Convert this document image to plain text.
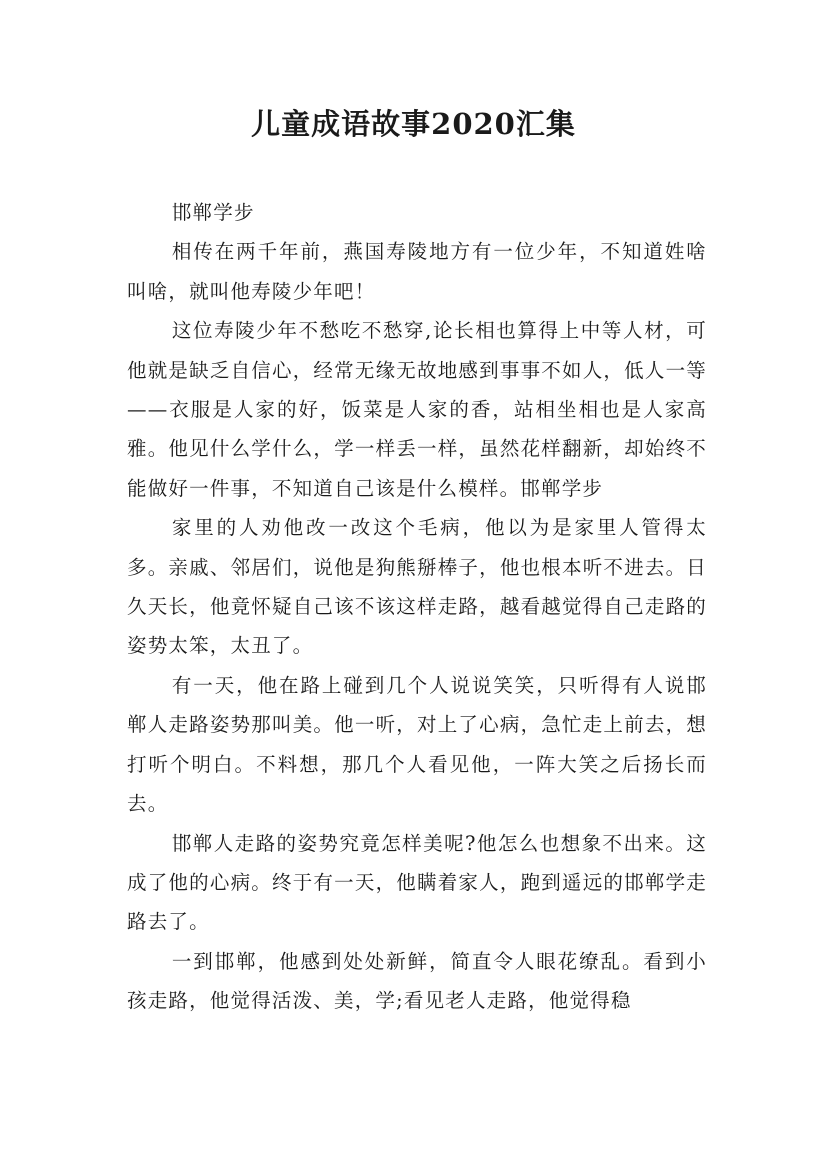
儿童成语故事2020汇集

邯郸学步

相传在两千年前，燕国寿陵地方有一位少年，不知道姓啥叫啥，就叫他寿陵少年吧！

这位寿陵少年不愁吃不愁穿,论长相也算得上中等人材，可他就是缺乏自信心，经常无缘无故地感到事事不如人，低人一等——衣服是人家的好，饭菜是人家的香，站相坐相也是人家高雅。他见什么学什么，学一样丢一样，虽然花样翻新，却始终不能做好一件事，不知道自己该是什么模样。邯郸学步

家里的人劝他改一改这个毛病，他以为是家里人管得太多。亲戚、邻居们，说他是狗熊掰棒子，他也根本听不进去。日久天长，他竟怀疑自己该不该这样走路，越看越觉得自己走路的姿势太笨，太丑了。

有一天，他在路上碰到几个人说说笑笑，只听得有人说邯郸人走路姿势那叫美。他一听，对上了心病，急忙走上前去，想打听个明白。不料想，那几个人看见他，一阵大笑之后扬长而去。

邯郸人走路的姿势究竟怎样美呢?他怎么也想象不出来。这成了他的心病。终于有一天，他瞒着家人，跑到遥远的邯郸学走路去了。

一到邯郸，他感到处处新鲜，简直令人眼花缭乱。看到小孩走路，他觉得活泼、美，学;看见老人走路，他觉得稳
